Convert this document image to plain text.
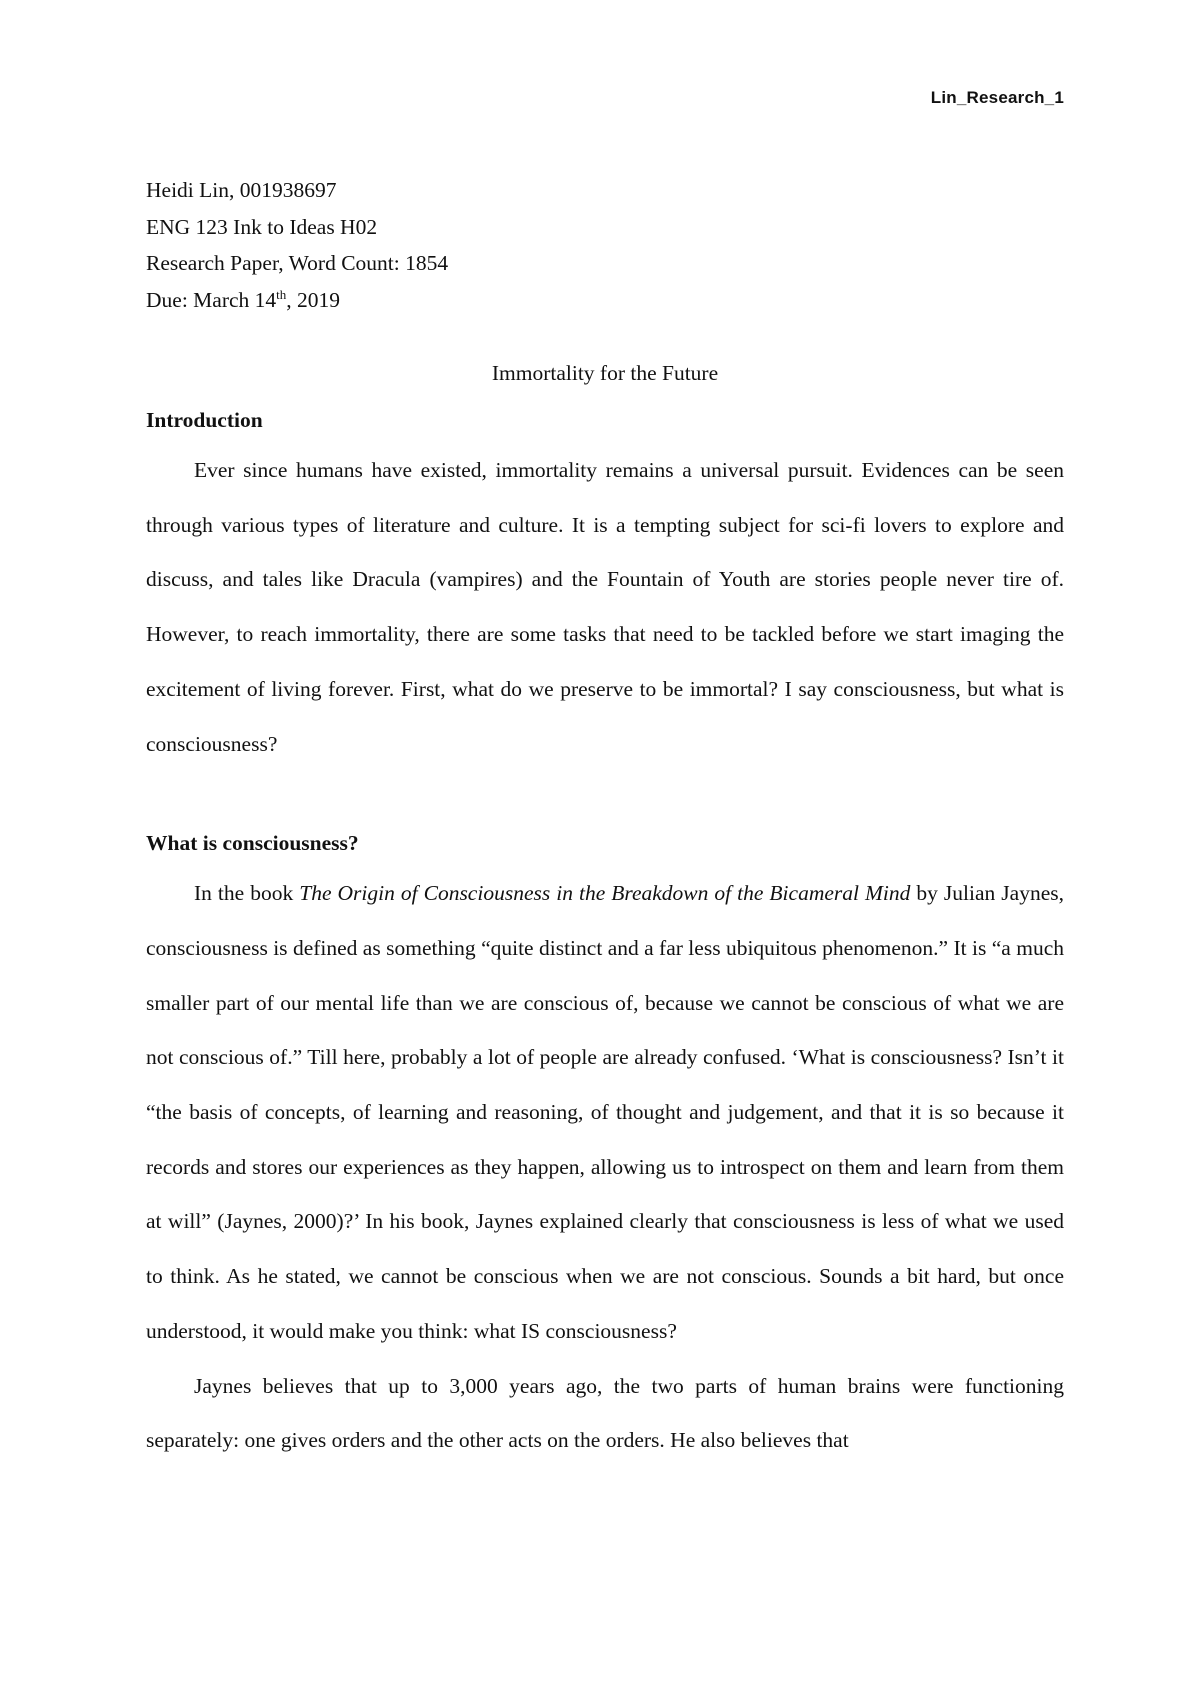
Lin_Research_1
Heidi Lin, 001938697
ENG 123 Ink to Ideas H02
Research Paper, Word Count: 1854
Due: March 14th, 2019
Immortality for the Future
Introduction

Ever since humans have existed, immortality remains a universal pursuit. Evidences can be seen through various types of literature and culture. It is a tempting subject for sci-fi lovers to explore and discuss, and tales like Dracula (vampires) and the Fountain of Youth are stories people never tire of. However, to reach immortality, there are some tasks that need to be tackled before we start imaging the excitement of living forever. First, what do we preserve to be immortal? I say consciousness, but what is consciousness?

What is consciousness?

In the book The Origin of Consciousness in the Breakdown of the Bicameral Mind by Julian Jaynes, consciousness is defined as something “quite distinct and a far less ubiquitous phenomenon.” It is “a much smaller part of our mental life than we are conscious of, because we cannot be conscious of what we are not conscious of.” Till here, probably a lot of people are already confused. ‘What is consciousness? Isn’t it “the basis of concepts, of learning and reasoning, of thought and judgement, and that it is so because it records and stores our experiences as they happen, allowing us to introspect on them and learn from them at will” (Jaynes, 2000)?’ In his book, Jaynes explained clearly that consciousness is less of what we used to think. As he stated, we cannot be conscious when we are not conscious. Sounds a bit hard, but once understood, it would make you think: what IS consciousness?

Jaynes believes that up to 3,000 years ago, the two parts of human brains were functioning separately: one gives orders and the other acts on the orders. He also believes that
